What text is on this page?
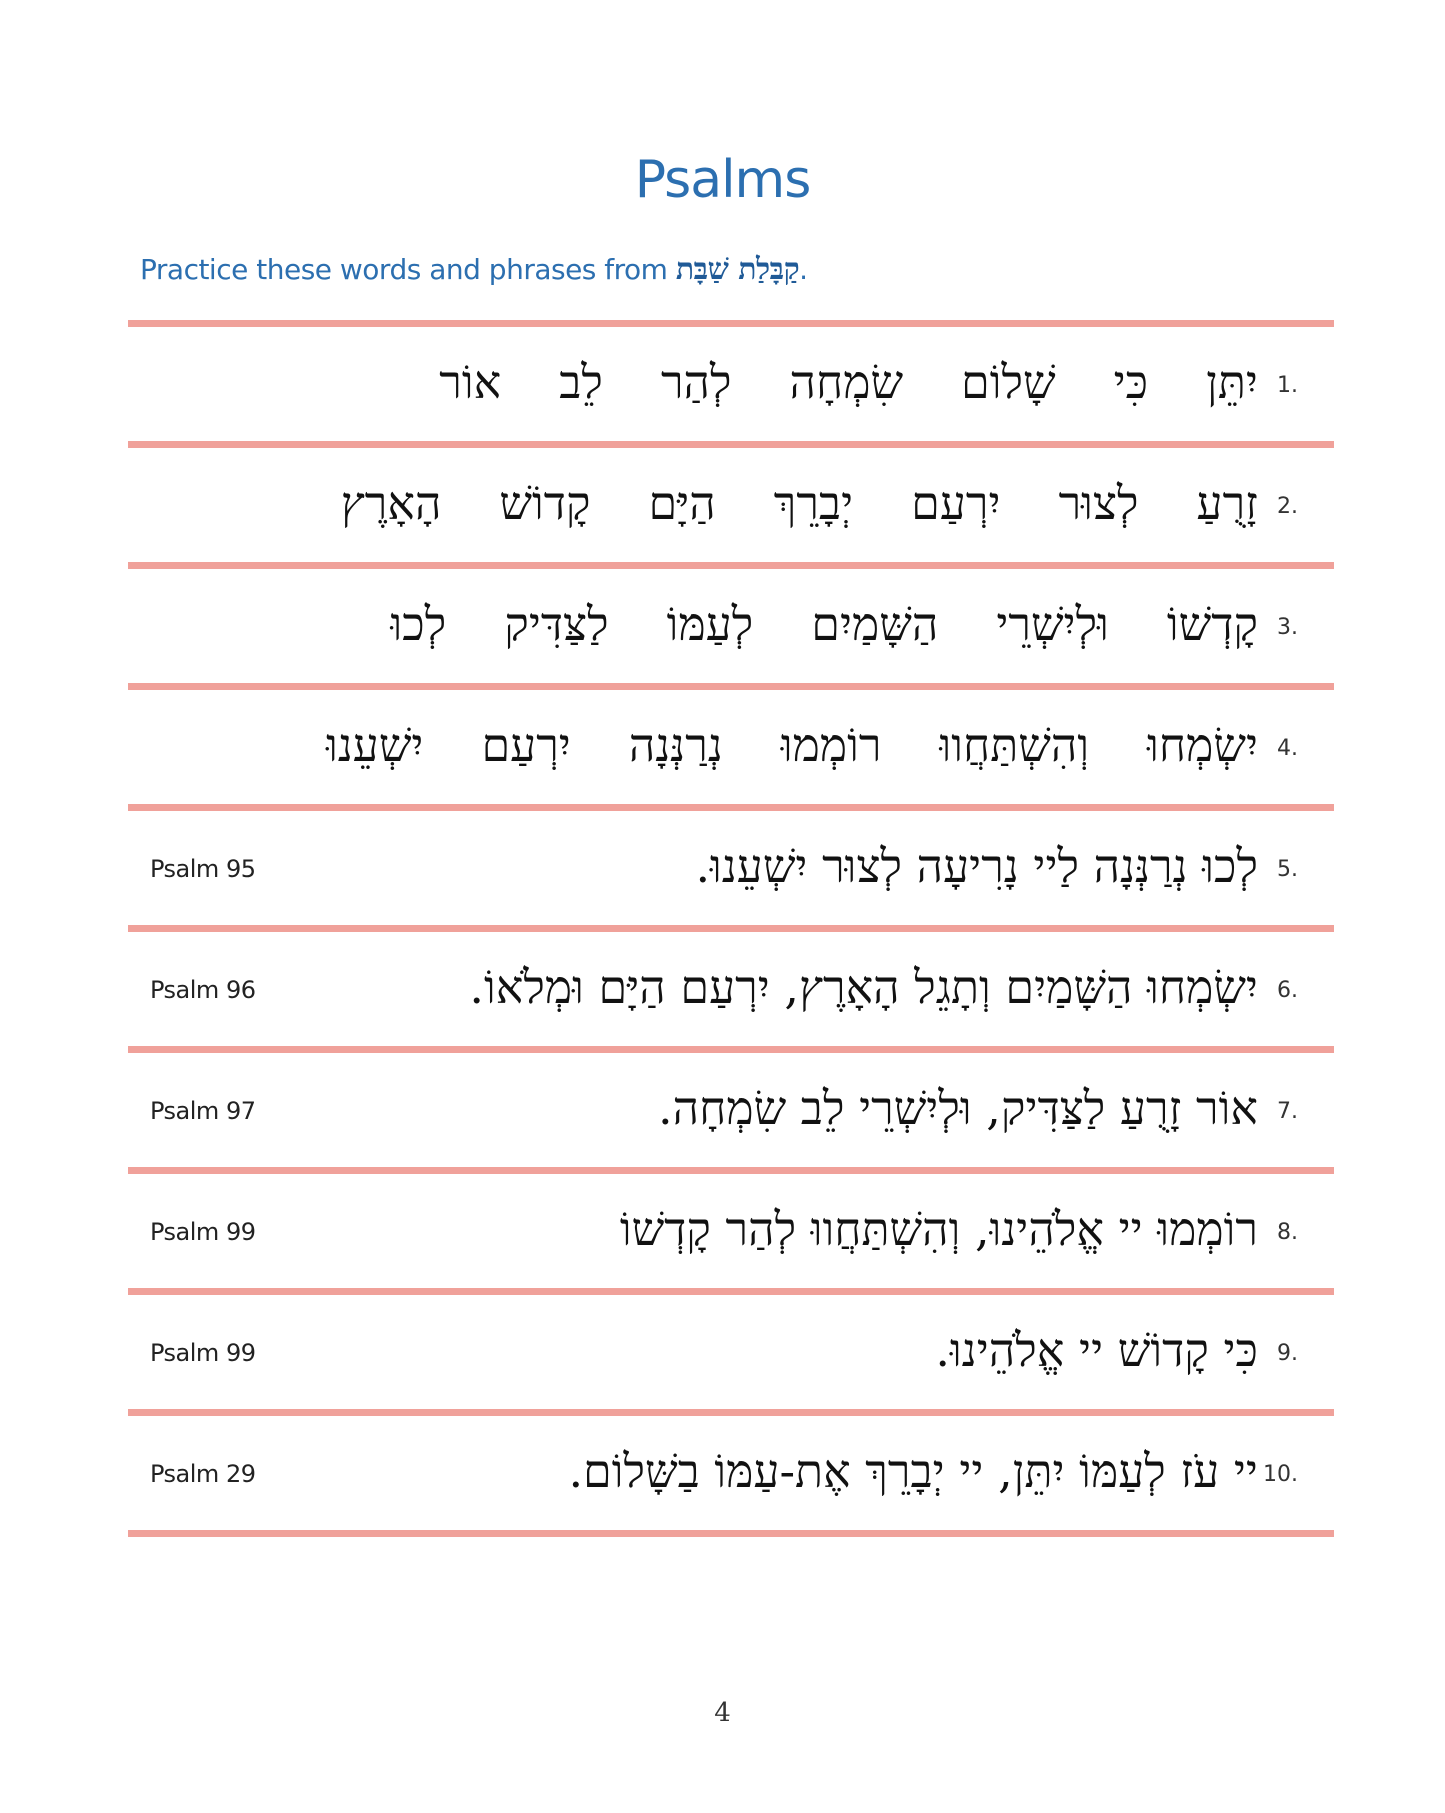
Psalms
Practice these words and phrases from קַבָּלַת שַׁבָּת.
1.
אוֹר לֵב לְהַר שִׂמְחָה שָׁלוֹם כִּי יִתֵּן
2.
הָאָרֶץ קָדוֹשׁ הַיָּם יְבָרֵךְ יִרְעַם לְצוּר זָרֻעַ
3.
לְכוּ לַצַּדִּיק לְעַמּוֹ הַשָּׁמַיִם וּלְיִשְׁרֵי קָדְשׁוֹ
4.
יִשְׁעֵנוּ יִרְעַם נְרַנְּנָה רוֹמְמוּ וְהִשְׁתַּחֲווּ יִשְׂמְחוּ
5.
לְכוּ נְרַנְּנָה לַיי נָרִיעָה לְצוּר יִשְׁעֵנוּ.
Psalm 95
6.
יִשְׂמְחוּ הַשָּׁמַיִם וְתָגֵל הָאָרֶץ, יִרְעַם הַיָּם וּמְלֹאוֹ.
Psalm 96
7.
אוֹר זָרֻעַ לַצַּדִּיק, וּלְיִשְׁרֵי לֵב שִׂמְחָה.
Psalm 97
8.
רוֹמְמוּ יי אֱלֹהֵינוּ, וְהִשְׁתַּחֲווּ לְהַר קָדְשׁוֹ
Psalm 99
9.
כִּי קָדוֹשׁ יי אֱלֹהֵינוּ.
Psalm 99
10.
יי עֹז לְעַמּוֹ יִתֵּן, יי יְבָרֵךְ אֶת-עַמּוֹ בַשָּׁלוֹם.
Psalm 29
4
